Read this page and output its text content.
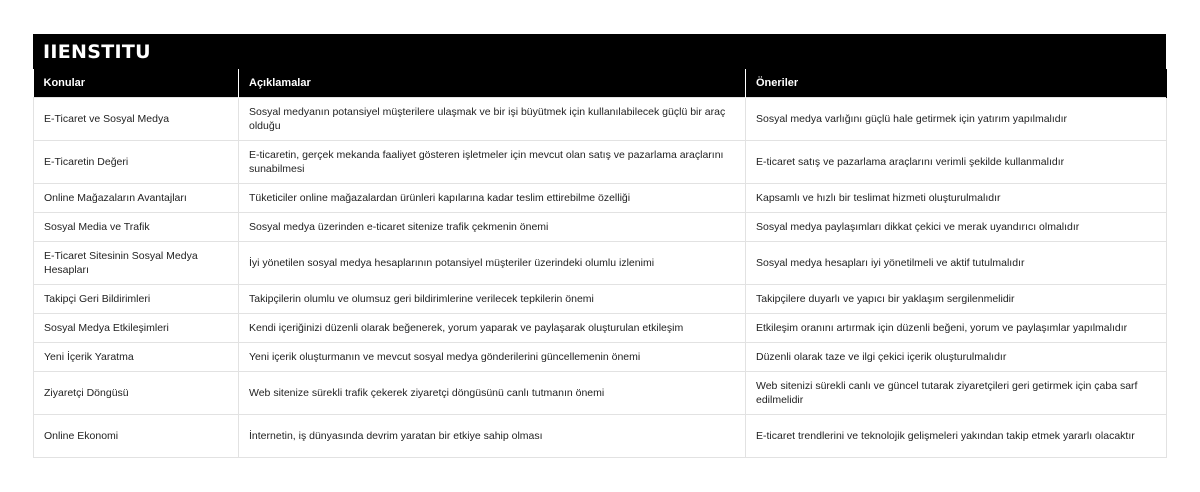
IIENSTITU
Konular	Açıklamalar	Öneriler
E-Ticaret ve Sosyal Medya	Sosyal medyanın potansiyel müşterilere ulaşmak ve bir işi büyütmek için kullanılabilecek güçlü bir araç olduğu	Sosyal medya varlığını güçlü hale getirmek için yatırım yapılmalıdır
E-Ticaretin Değeri	E-ticaretin, gerçek mekanda faaliyet gösteren işletmeler için mevcut olan satış ve pazarlama araçlarını sunabilmesi	E-ticaret satış ve pazarlama araçlarını verimli şekilde kullanmalıdır
Online Mağazaların Avantajları	Tüketiciler online mağazalardan ürünleri kapılarına kadar teslim ettirebilme özelliği	Kapsamlı ve hızlı bir teslimat hizmeti oluşturulmalıdır
Sosyal Media ve Trafik	Sosyal medya üzerinden e-ticaret sitenize trafik çekmenin önemi	Sosyal medya paylaşımları dikkat çekici ve merak uyandırıcı olmalıdır
E-Ticaret Sitesinin Sosyal Medya Hesapları	İyi yönetilen sosyal medya hesaplarının potansiyel müşteriler üzerindeki olumlu izlenimi	Sosyal medya hesapları iyi yönetilmeli ve aktif tutulmalıdır
Takipçi Geri Bildirimleri	Takipçilerin olumlu ve olumsuz geri bildirimlerine verilecek tepkilerin önemi	Takipçilere duyarlı ve yapıcı bir yaklaşım sergilenmelidir
Sosyal Medya Etkileşimleri	Kendi içeriğinizi düzenli olarak beğenerek, yorum yaparak ve paylaşarak oluşturulan etkileşim	Etkileşim oranını artırmak için düzenli beğeni, yorum ve paylaşımlar yapılmalıdır
Yeni İçerik Yaratma	Yeni içerik oluşturmanın ve mevcut sosyal medya gönderilerini güncellemenin önemi	Düzenli olarak taze ve ilgi çekici içerik oluşturulmalıdır
Ziyaretçi Döngüsü	Web sitenize sürekli trafik çekerek ziyaretçi döngüsünü canlı tutmanın önemi	Web sitenizi sürekli canlı ve güncel tutarak ziyaretçileri geri getirmek için çaba sarf edilmelidir
Online Ekonomi	İnternetin, iş dünyasında devrim yaratan bir etkiye sahip olması	E-ticaret trendlerini ve teknolojik gelişmeleri yakından takip etmek yararlı olacaktır
